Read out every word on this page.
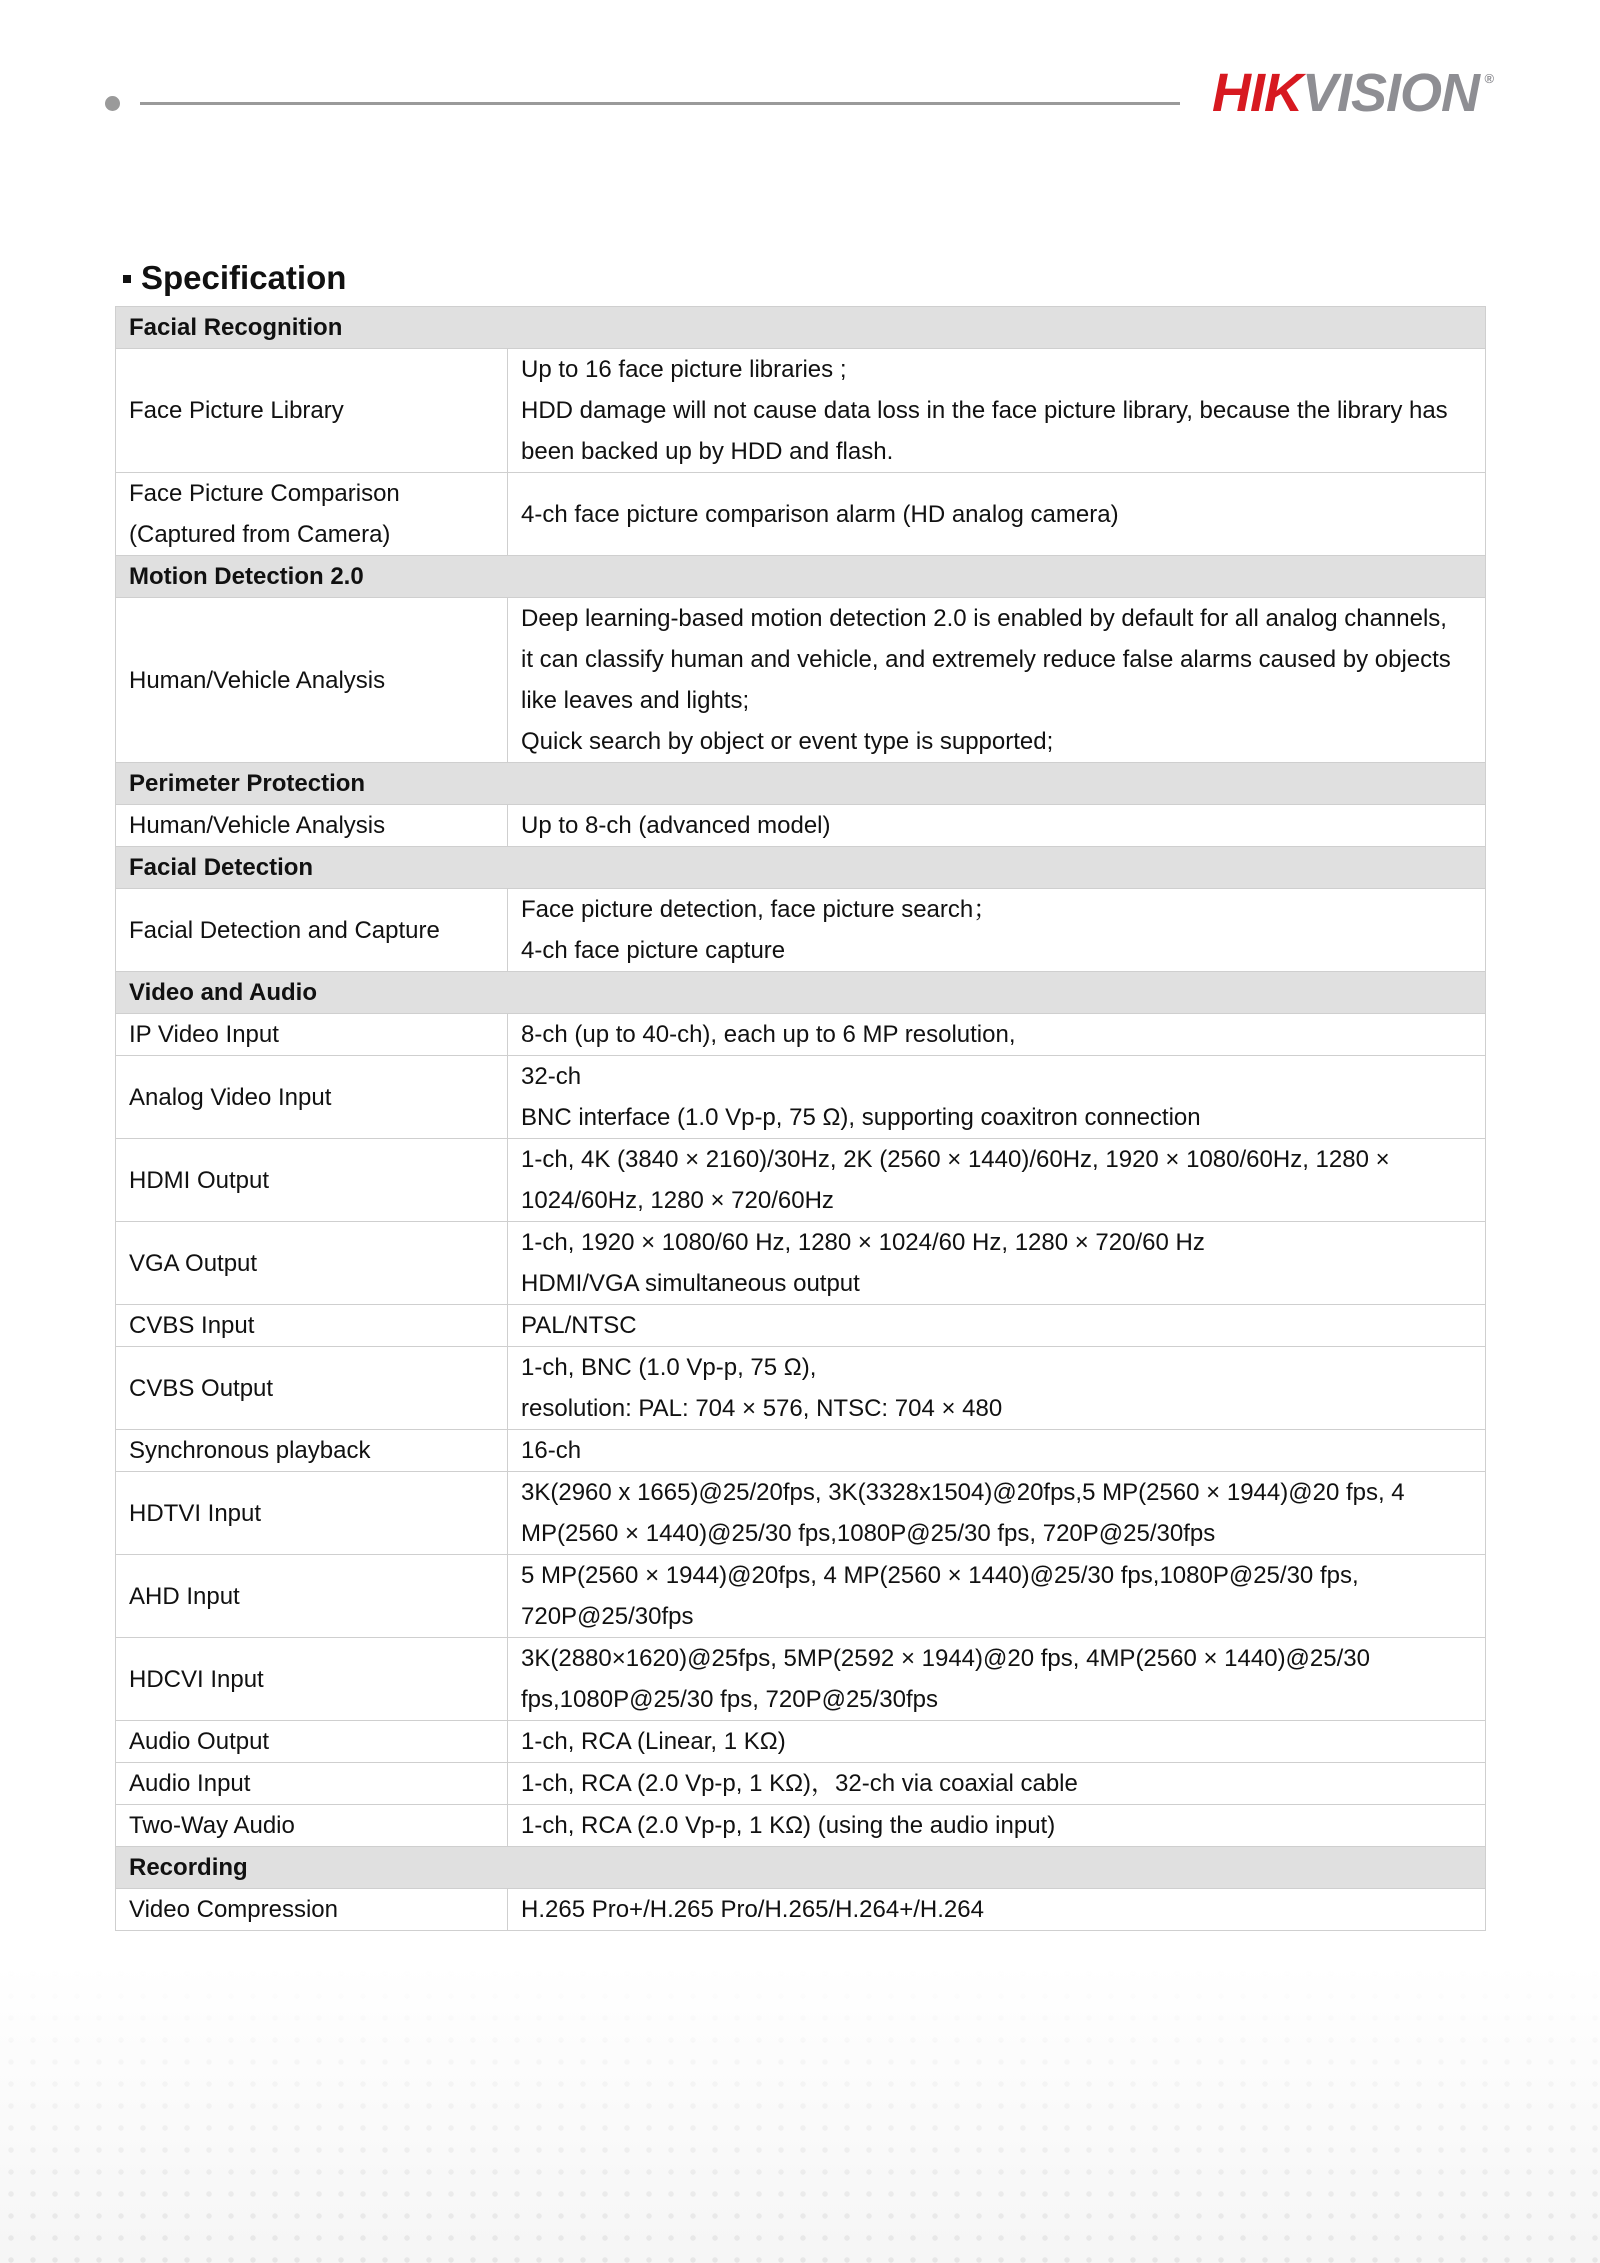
HIKVISION ®
Specification
Facial Recognition	
Face Picture Library	Up to 16 face picture libraries ;
HDD damage will not cause data loss in the face picture library, because the library has been backed up by HDD and flash.

Face Picture Comparison (Captured from Camera)	4-ch face picture comparison alarm (HD analog camera)

Motion Detection 2.0	
Human/Vehicle Analysis	Deep learning-based motion detection 2.0 is enabled by default for all analog channels,
it can classify human and vehicle, and extremely reduce false alarms caused by objects like leaves and lights;
Quick search by object or event type is supported;

Perimeter Protection	
Human/Vehicle Analysis	Up to 8-ch (advanced model)

Facial Detection	
Facial Detection and Capture	Face picture detection, face picture search；
4-ch face picture capture

Video and Audio	
IP Video Input	8-ch (up to 40-ch), each up to 6 MP resolution,

Analog Video Input	32-ch
BNC interface (1.0 Vp-p, 75 Ω), supporting coaxitron connection

HDMI Output	1-ch, 4K (3840 × 2160)/30Hz, 2K (2560 × 1440)/60Hz, 1920 × 1080/60Hz, 1280 × 1024/60Hz, 1280 × 720/60Hz

VGA Output	1-ch, 1920 × 1080/60 Hz, 1280 × 1024/60 Hz, 1280 × 720/60 Hz
HDMI/VGA simultaneous output

CVBS Input	PAL/NTSC

CVBS Output	1-ch, BNC (1.0 Vp-p, 75 Ω),
resolution: PAL: 704 × 576, NTSC: 704 × 480

Synchronous playback	16-ch

HDTVI Input	3K(2960 x 1665)@25/20fps, 3K(3328x1504)@20fps,5 MP(2560 × 1944)@20 fps, 4 MP(2560 × 1440)@25/30 fps,1080P@25/30 fps, 720P@25/30fps

AHD Input	5 MP(2560 × 1944)@20fps, 4 MP(2560 × 1440)@25/30 fps,1080P@25/30 fps, 720P@25/30fps

HDCVI Input	3K(2880×1620)@25fps, 5MP(2592 × 1944)@20 fps, 4MP(2560 × 1440)@25/30 fps,1080P@25/30 fps, 720P@25/30fps

Audio Output	1-ch, RCA (Linear, 1 KΩ)

Audio Input	1-ch, RCA (2.0 Vp-p, 1 KΩ)，32-ch via coaxial cable

Two-Way Audio	1-ch, RCA (2.0 Vp-p, 1 KΩ) (using the audio input)

Recording	
Video Compression	H.265 Pro+/H.265 Pro/H.265/H.264+/H.264
